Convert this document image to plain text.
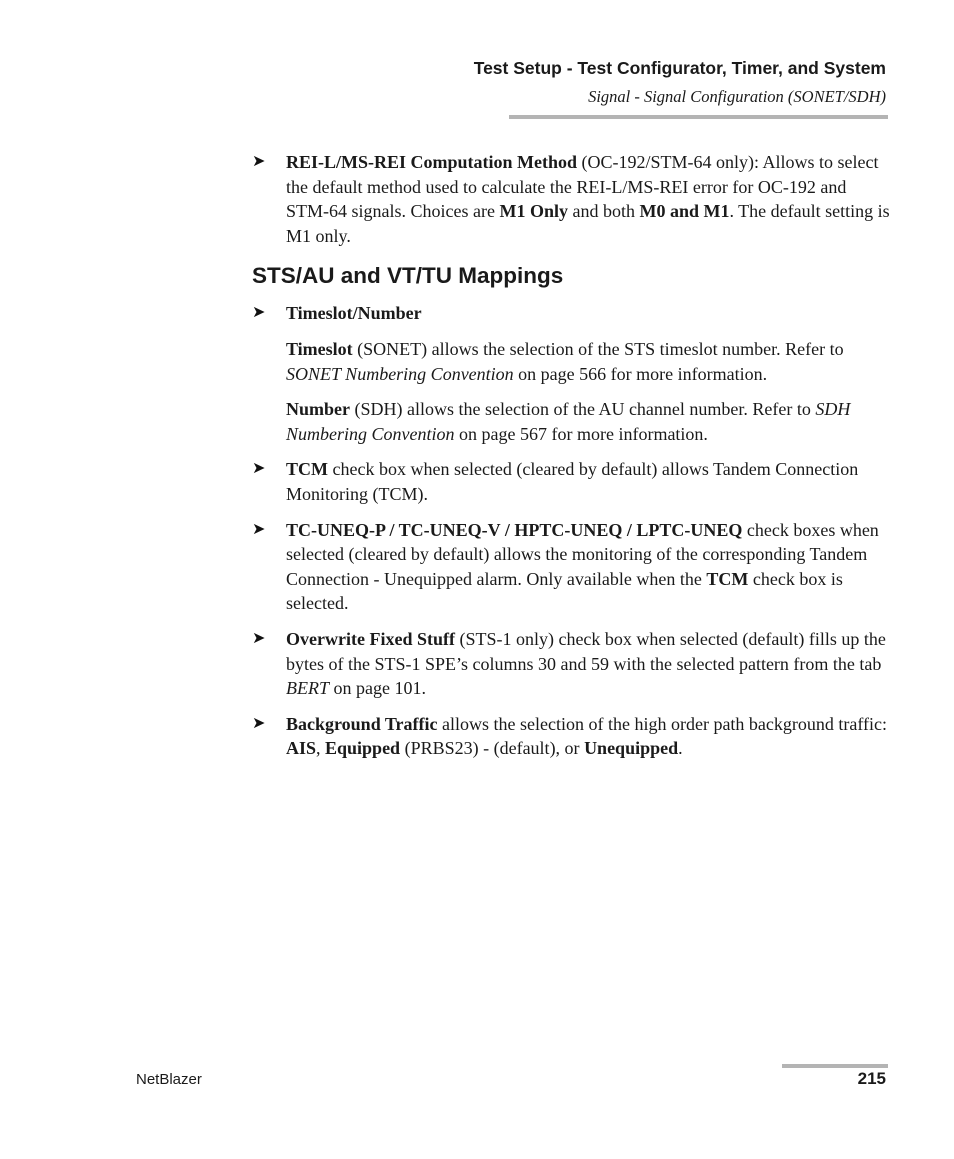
Test Setup - Test Configurator, Timer, and System
Signal - Signal Configuration (SONET/SDH)
➤	REI-L/MS-REI Computation Method (OC-192/STM-64 only): Allows to select the default method used to calculate the REI-L/MS-REI error for OC-192 and STM-64 signals. Choices are M1 Only and both M0 and M1. The default setting is M1 only.
STS/AU and VT/TU Mappings
➤	Timeslot/Number
Timeslot (SONET) allows the selection of the STS timeslot number. Refer to SONET Numbering Convention on page 566 for more information.
Number (SDH) allows the selection of the AU channel number. Refer to SDH Numbering Convention on page 567 for more information.
➤	TCM check box when selected (cleared by default) allows Tandem Connection Monitoring (TCM).
➤	TC-UNEQ-P / TC-UNEQ-V / HPTC-UNEQ / LPTC-UNEQ check boxes when selected (cleared by default) allows the monitoring of the corresponding Tandem Connection - Unequipped alarm. Only available when the TCM check box is selected.
➤	Overwrite Fixed Stuff (STS-1 only) check box when selected (default) fills up the bytes of the STS-1 SPE’s columns 30 and 59 with the selected pattern from the tab BERT on page 101.
➤	Background Traffic allows the selection of the high order path background traffic: AIS, Equipped (PRBS23) - (default), or Unequipped.
NetBlazer	215
